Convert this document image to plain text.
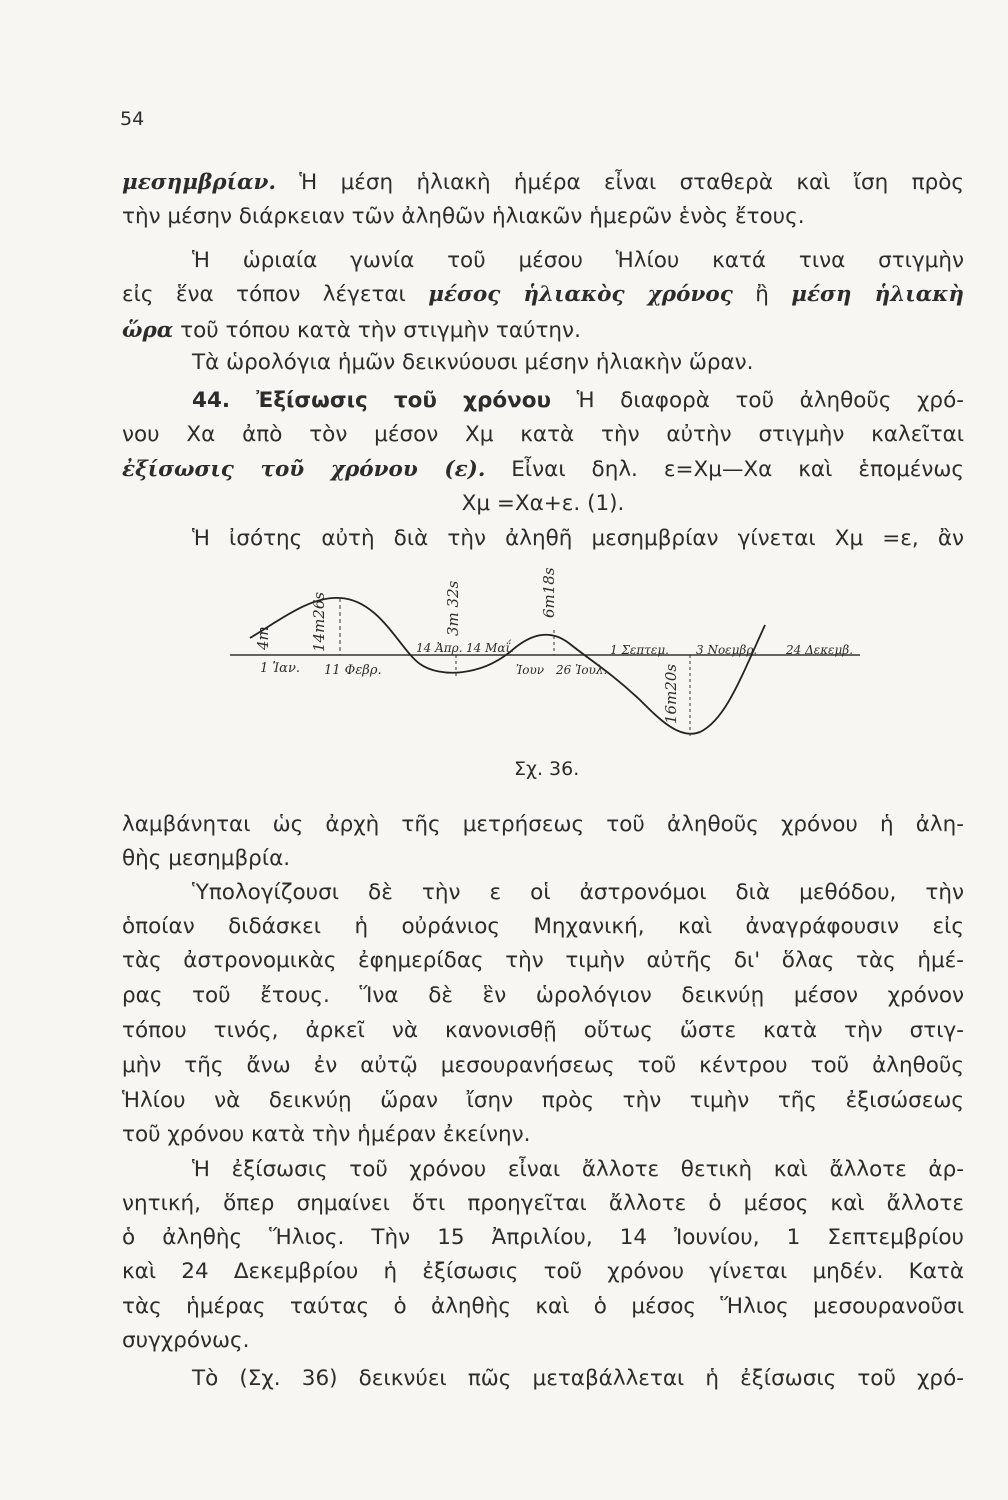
54
μεσημβρίαν. Ἡ μέση ἡλιακὴ ἡμέρα εἶναι σταθερὰ καὶ ἴση πρὸς
τὴν μέσην διάρκειαν τῶν ἀληθῶν ἡλιακῶν ἡμερῶν ἑνὸς ἔτους.
Ἡ ὡριαία γωνία τοῦ μέσου Ἡλίου κατά τινα στιγμὴν
εἰς ἕνα τόπον λέγεται μέσος ἡλιακὸς χρόνος ἢ μέση ἡλιακὴ
ὥρα τοῦ τόπου κατὰ τὴν στιγμὴν ταύτην.
Τὰ ὡρολόγια ἡμῶν δεικνύουσι μέσην ἡλιακὴν ὥραν.
44. Ἐξίσωσις τοῦ χρόνου Ἡ διαφορὰ τοῦ ἀληθοῦς χρό-
νου Χα ἀπὸ τὸν μέσον Χμ κατὰ τὴν αὐτὴν στιγμὴν καλεῖται
ἐξίσωσις τοῦ χρόνου (ε). Εἶναι δηλ. ε=Χμ—Χα καὶ ἑπομένως
Χμ =Χα+ε. (1).
Ἡ ἰσότης αὐτὴ διὰ τὴν ἀληθῆ μεσημβρίαν γίνεται Χμ =ε, ἂν
4m	14m26s	3m 32s	6m18s
16m20s
1 Ἰαν. 11 Φεβρ.
14 Ἀπρ. 14 Μαΐ.
Ἰουν 26 Ἰουλ.
1 Σεπτεμ. 3 Νοεμβρ. 24 Δεκεμβ.
Σχ. 36.
λαμβάνηται ὡς ἀρχὴ τῆς μετρήσεως τοῦ ἀληθοῦς χρόνου ἡ ἀλη-
θὴς μεσημβρία.
Ὑπολογίζουσι δὲ τὴν ε οἱ ἀστρονόμοι διὰ μεθόδου, τὴν
ὁποίαν διδάσκει ἡ οὐράνιος Μηχανική, καὶ ἀναγράφουσιν εἰς
τὰς ἀστρονομικὰς ἐφημερίδας τὴν τιμὴν αὐτῆς δι' ὅλας τὰς ἡμέ-
ρας τοῦ ἔτους. Ἵνα δὲ ἓν ὡρολόγιον δεικνύῃ μέσον χρόνον
τόπου τινός, ἀρκεῖ νὰ κανονισθῇ οὕτως ὥστε κατὰ τὴν στιγ-
μὴν τῆς ἄνω ἐν αὐτῷ μεσουρανήσεως τοῦ κέντρου τοῦ ἀληθοῦς
Ἡλίου νὰ δεικνύῃ ὥραν ἴσην πρὸς τὴν τιμὴν τῆς ἐξισώσεως
τοῦ χρόνου κατὰ τὴν ἡμέραν ἐκείνην.
Ἡ ἐξίσωσις τοῦ χρόνου εἶναι ἄλλοτε θετικὴ καὶ ἄλλοτε ἀρ-
νητική, ὅπερ σημαίνει ὅτι προηγεῖται ἄλλοτε ὁ μέσος καὶ ἄλλοτε
ὁ ἀληθὴς Ἥλιος. Τὴν 15 Ἀπριλίου, 14 Ἰουνίου, 1 Σεπτεμβρίου
καὶ 24 Δεκεμβρίου ἡ ἐξίσωσις τοῦ χρόνου γίνεται μηδέν. Κατὰ
τὰς ἡμέρας ταύτας ὁ ἀληθὴς καὶ ὁ μέσος Ἥλιος μεσουρανοῦσι
συγχρόνως.
Τὸ (Σχ. 36) δεικνύει πῶς μεταβάλλεται ἡ ἐξίσωσις τοῦ χρό-
